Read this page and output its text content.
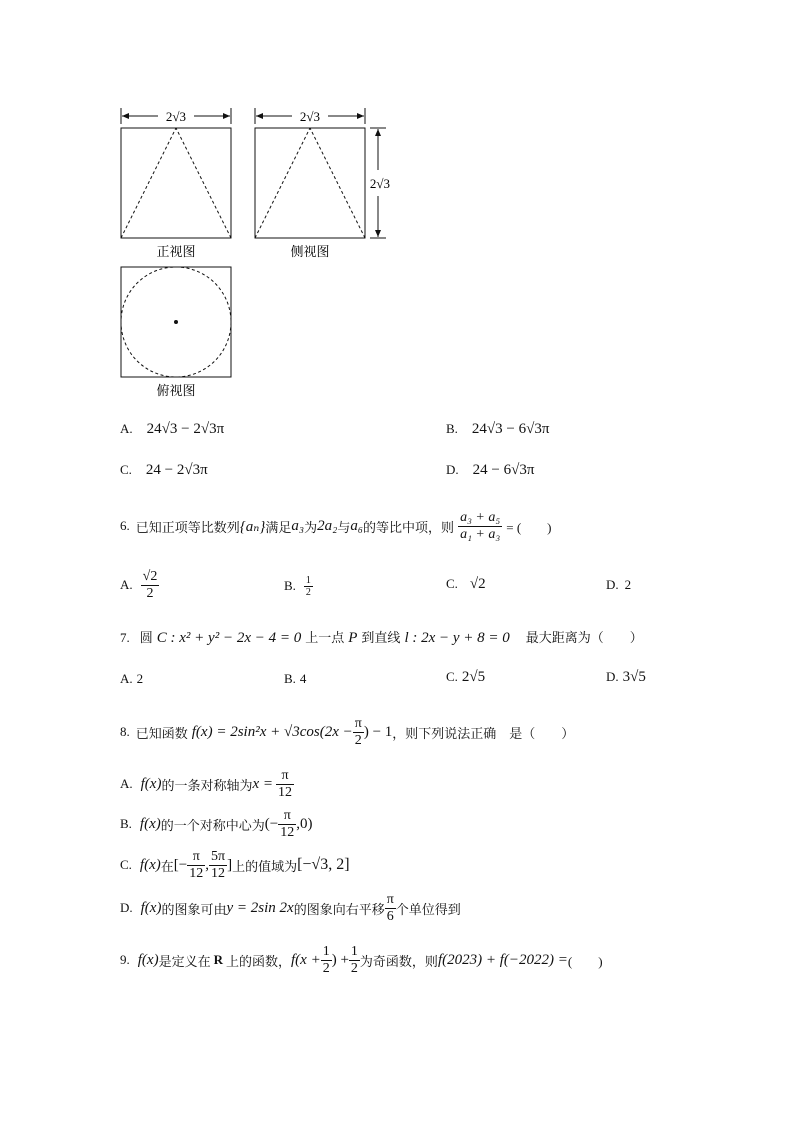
2√3
正视图
2√3
侧视图
2√3
俯视图
A. 24√3 − 2√3π	B. 24√3 − 6√3π
C. 24 − 2√3π	D. 24 − 6√3π
6. 已知正项等比数列 {aₙ} 满足 a₃ 为 2a₂ 与 a₆ 的等比中项，则 $\frac{\text{a₃ + a₅}}{\text{a₁ + a₃}}$ = (　　)
A. $\frac{√2}{2}$	B. $\frac{1}{2}$	C. √2	D. 2
7. 圆 C : x² + y² − 2x − 4 = 0 上一点 P 到直线 l : 2x − y + 8 = 0 最大距离为（　　）
A. 2	B. 4	C. 2√5	D. 3√5
8. 已知函数 $f(x) = 2\sin^2x + √3\cos(2x - \frac{\pi}{2}$ ) − 1 ，则下列说法正确　是（　　）
A. f(x) 的一条对称轴为 $x = \frac{\pi}{12}$
B. f(x) 的一个对称中心为 (− $\frac{\pi}{12} ,0$)
C. f(x) 在 [− $\frac{\pi}{12}$ , $\frac{5\pi}{12}$ ] 上的值域为 [−√3, 2]
D. f(x) 的图象可由 y = 2sin 2x 的图象向右平移 $\frac{\pi}{6}$ 个单位得到
9. f(x) 是定义在 R 上的函数， $f(x + \frac{1}{2}$ ) + $\frac{1}{2}$ 为奇函数，则 f(2023) + f(−2022) = (　　)
